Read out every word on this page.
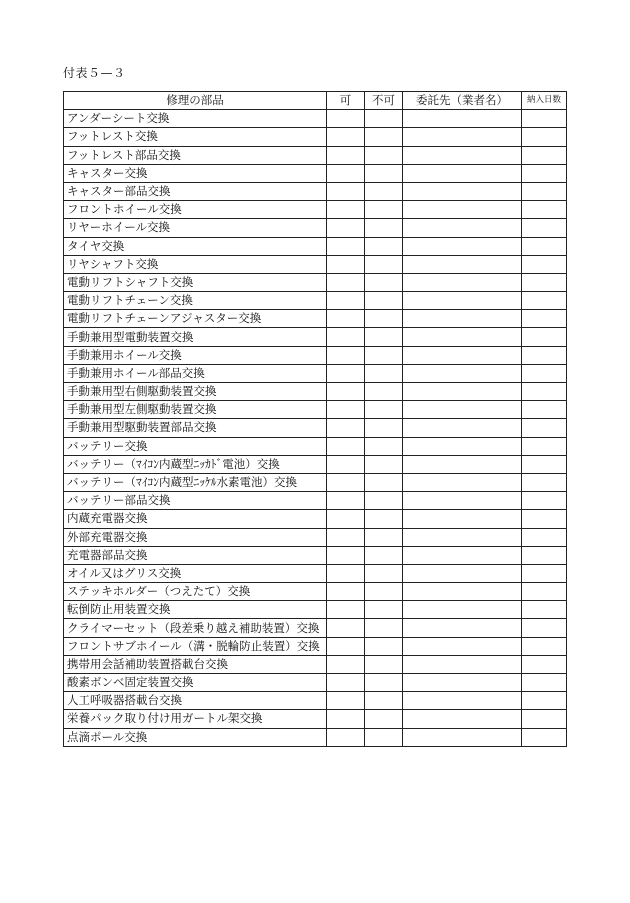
付表５—３
修理の部品	可	不可	委託先（業者名）	納入日数
アンダーシート交換				
フットレスト交換				
フットレスト部品交換				
キャスター交換				
キャスター部品交換				
フロントホイール交換				
リヤーホイール交換				
タイヤ交換				
リヤシャフト交換				
電動リフトシャフト交換				
電動リフトチェーン交換				
電動リフトチェーンアジャスター交換				
手動兼用型電動装置交換				
手動兼用ホイール交換				
手動兼用ホイール部品交換				
手動兼用型右側駆動装置交換				
手動兼用型左側駆動装置交換				
手動兼用型駆動装置部品交換				
バッテリー交換				
バッテリー（ﾏｲｺﾝ内蔵型ﾆｯｶﾄﾞ電池）交換				
バッテリー（ﾏｲｺﾝ内蔵型ﾆｯｹﾙ水素電池）交換				
バッテリー部品交換				
内蔵充電器交換				
外部充電器交換				
充電器部品交換				
オイル又はグリス交換				
ステッキホルダー（つえたて）交換				
転倒防止用装置交換				
クライマーセット（段差乗り越え補助装置）交換				
フロントサブホイール（溝・脱輪防止装置）交換				
携帯用会話補助装置搭載台交換				
酸素ボンベ固定装置交換				
人工呼吸器搭載台交換				
栄養パック取り付け用ガートル架交換				
点滴ポール交換				
